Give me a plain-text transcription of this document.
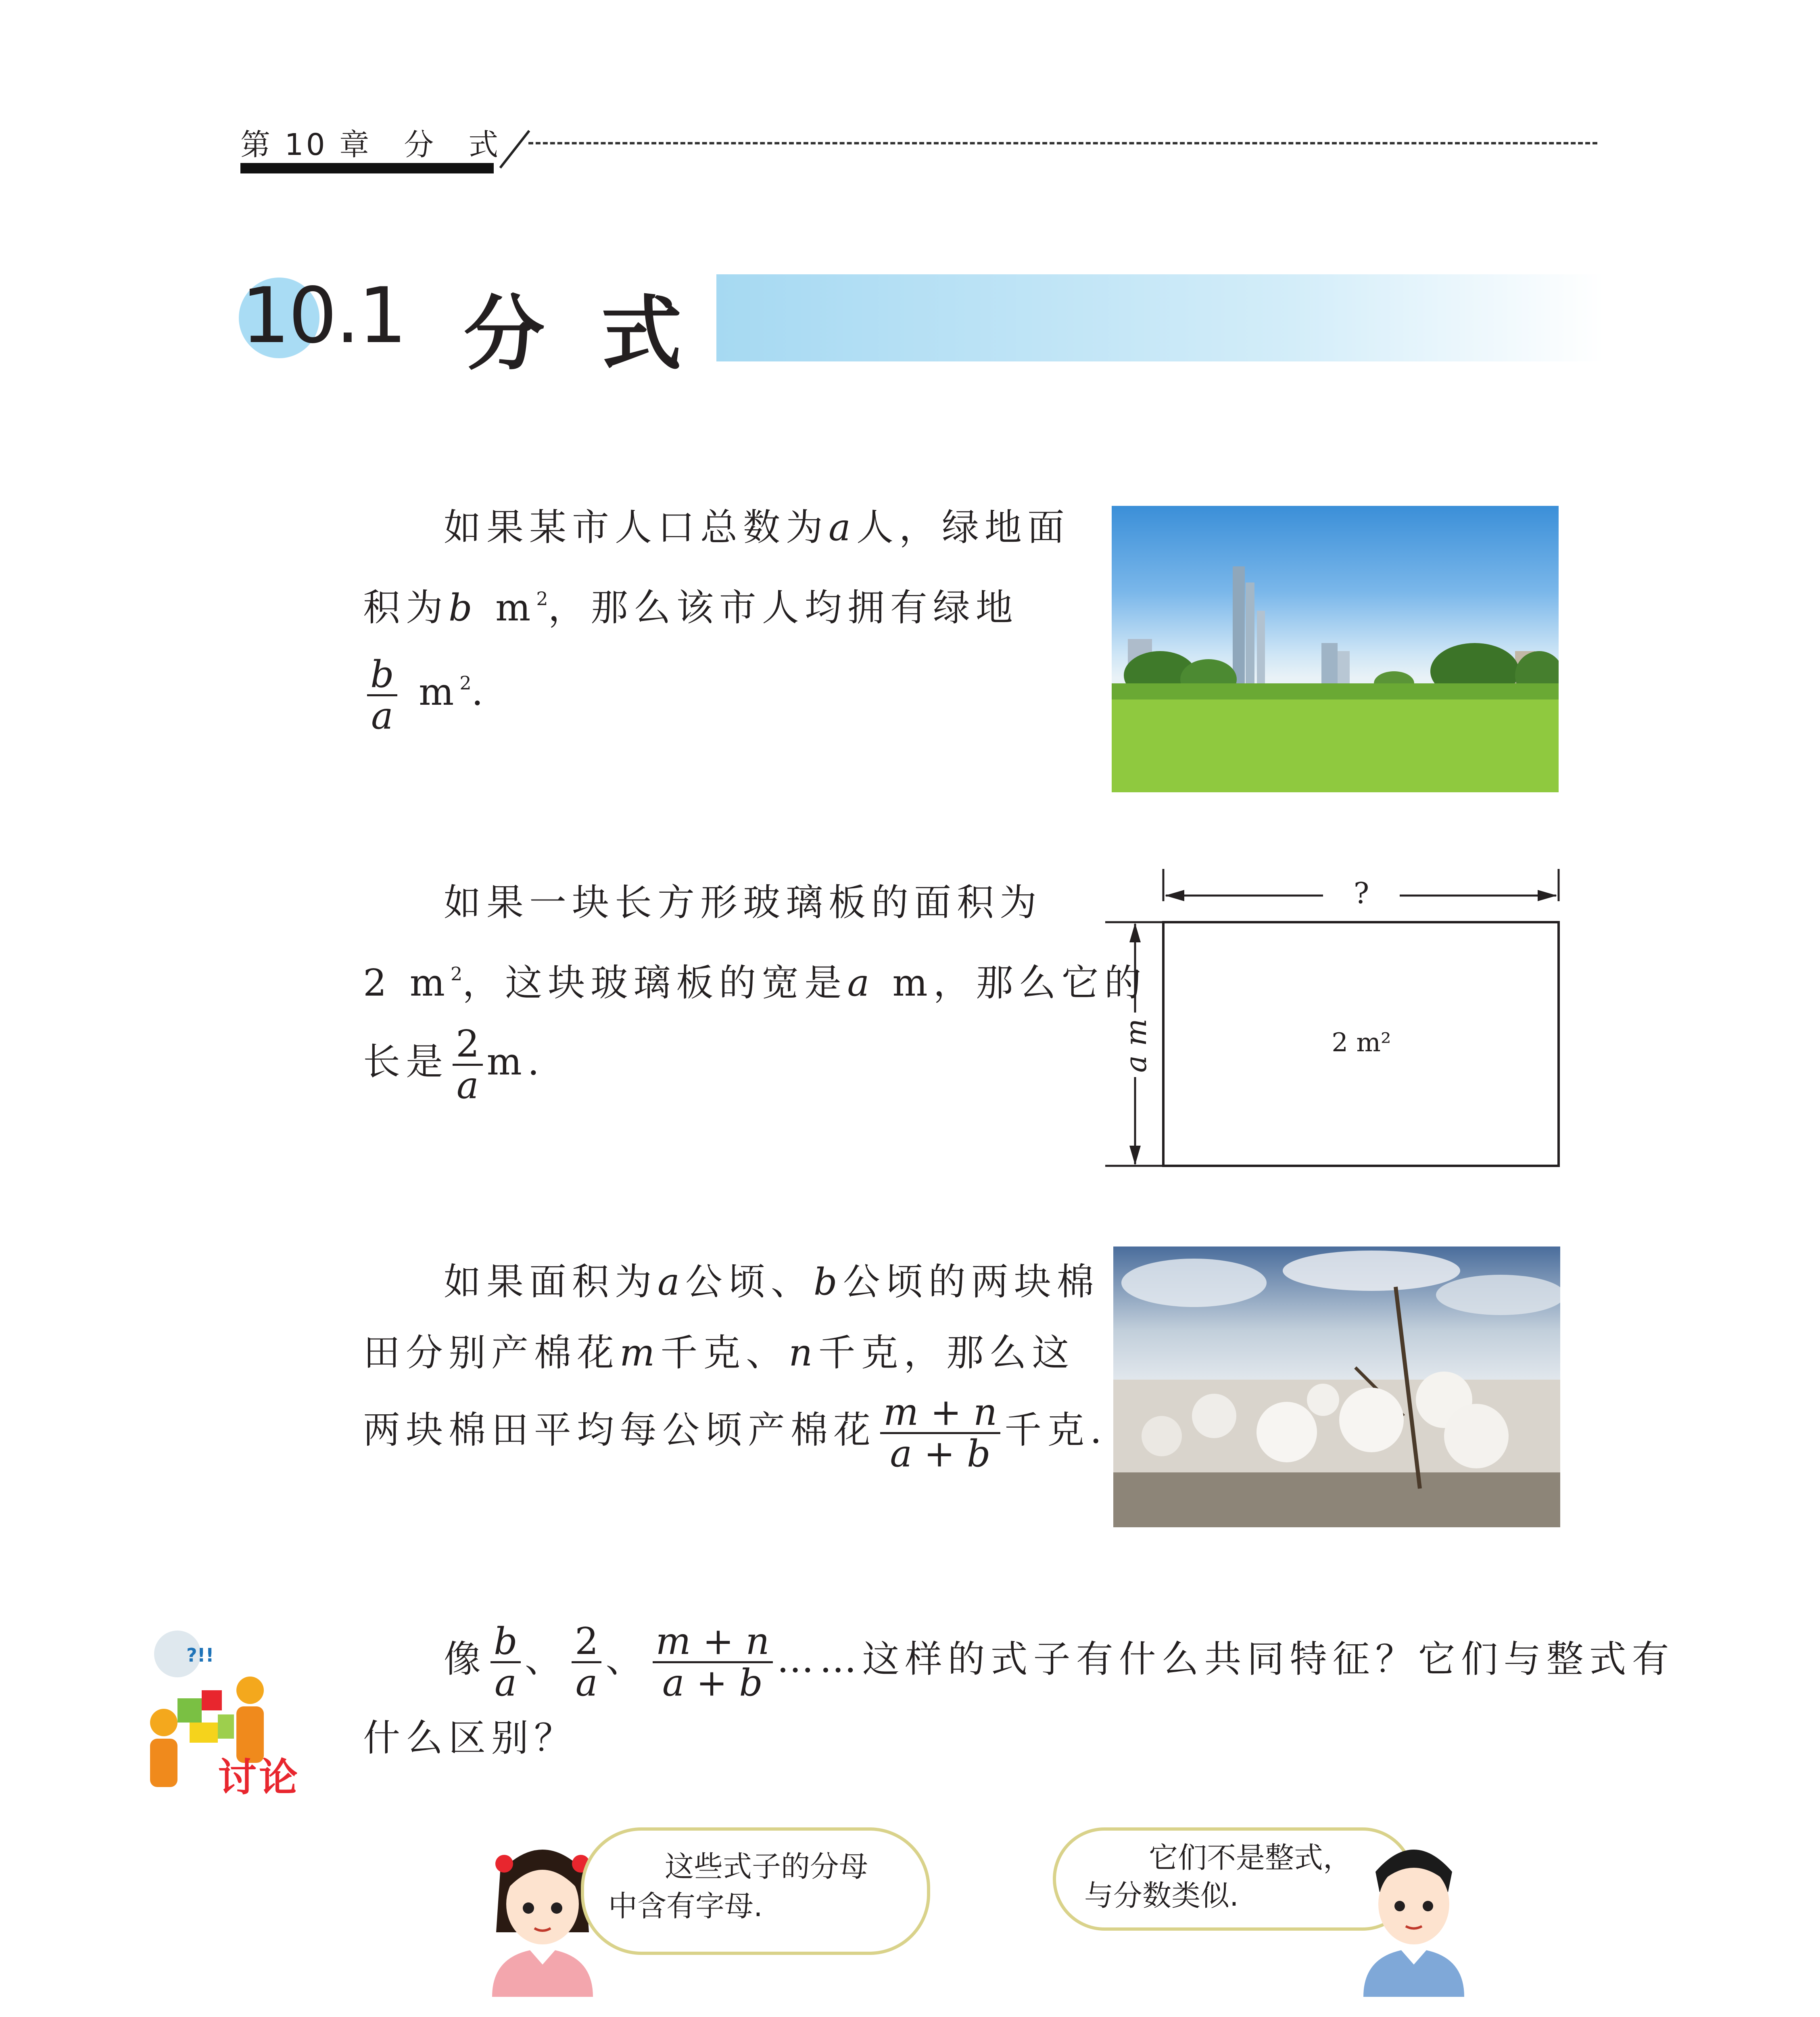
第 10 章　分　式
10.1 分式
如果某市人口总数为a人，绿地面
积为b $m^2$，那么该市人均拥有绿地
$\frac{b}{a} m^2$.
如果一块长方形玻璃板的面积为
2 $m^2$，这块玻璃板的宽是a m，那么它的
长是 $\frac{2}{a} m$.
?
a m	2 m²
如果面积为a公顷、b公顷的两块棉
田分别产棉花m千克、n千克，那么这
两块棉田平均每公顷产棉花 $\frac{m + n}{a + b}$ 千克.
?!!
讨论
像 $\frac{b}{a}$ 、 $\frac{2}{a}$ 、 $\frac{m + n}{a + b}$ ……这样的式子有什么共同特征？它们与整式有
什么区别？
这些式子的分母
中含有字母.
它们不是整式，
与分数类似.
